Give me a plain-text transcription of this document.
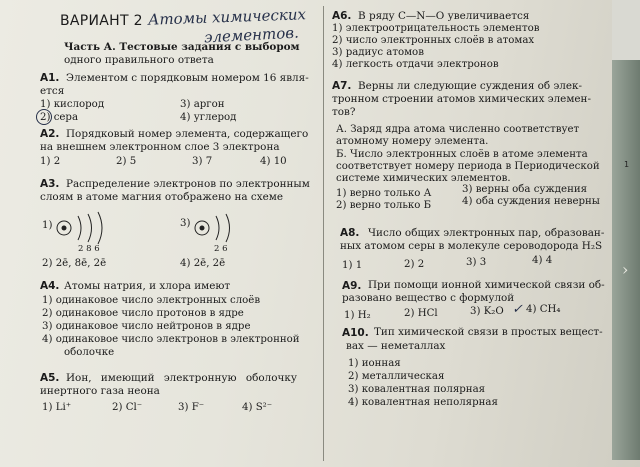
1
›
ВАРИАНТ 2 Атомы химических
элементов.
Часть А. Тестовые задания с выбором
одного правильного ответа
А1. Элементом с порядковым номером 16 явля-
ется
1) кислород	3) аргон
2) сера	4) углерод
А2. Порядковый номер элемента, содержащего
на внешнем электронном слое 3 электрона
1) 2	2) 5	3) 7	4) 10
А3. Распределение электронов по электронным
слоям в атоме магния отображено на схеме
1)
2 8 6
3)
2 6
2) 2ē, 8ē, 2ē	4) 2ē, 2ē
А4. Атомы натрия, и хлора имеют
1) одинаковое число электронных слоёв
2) одинаковое число протонов в ядре
3) одинаковое число нейтронов в ядре
4) одинаковое число электронов в электронной
оболочке
А5. Ион, имеющий электронную оболочку
инертного газа неона
1) Li⁺	2) Cl⁻	3) F⁻	4) S²⁻
А6. В ряду С—N—О увеличивается
1) электроотрицательность элементов
2) число электронных слоёв в атомах
3) радиус атомов
4) легкость отдачи электронов
А7. Верны ли следующие суждения об элек-
тронном строении атомов химических элемен-
тов?
А. Заряд ядра атома численно соответствует
атомному номеру элемента.
Б. Число электронных слоёв в атоме элемента
соответствует номеру периода в Периодической
системе химических элементов.
1) верно только А	3) верны оба суждения
2) верно только Б	4) оба суждения неверны
А8. Число общих электронных пар, образован-
ных атомом серы в молекуле сероводорода H₂S
1) 1	2) 2	3) 3	4) 4
А9. При помощи ионной химической связи об-
разовано вещество с формулой
1) H₂	2) HCl	3) K₂O ✓ 4) CH₄
А10. Тип химической связи в простых вещест-
вах — неметаллах
1) ионная
2) металлическая
3) ковалентная полярная
4) ковалентная неполярная
